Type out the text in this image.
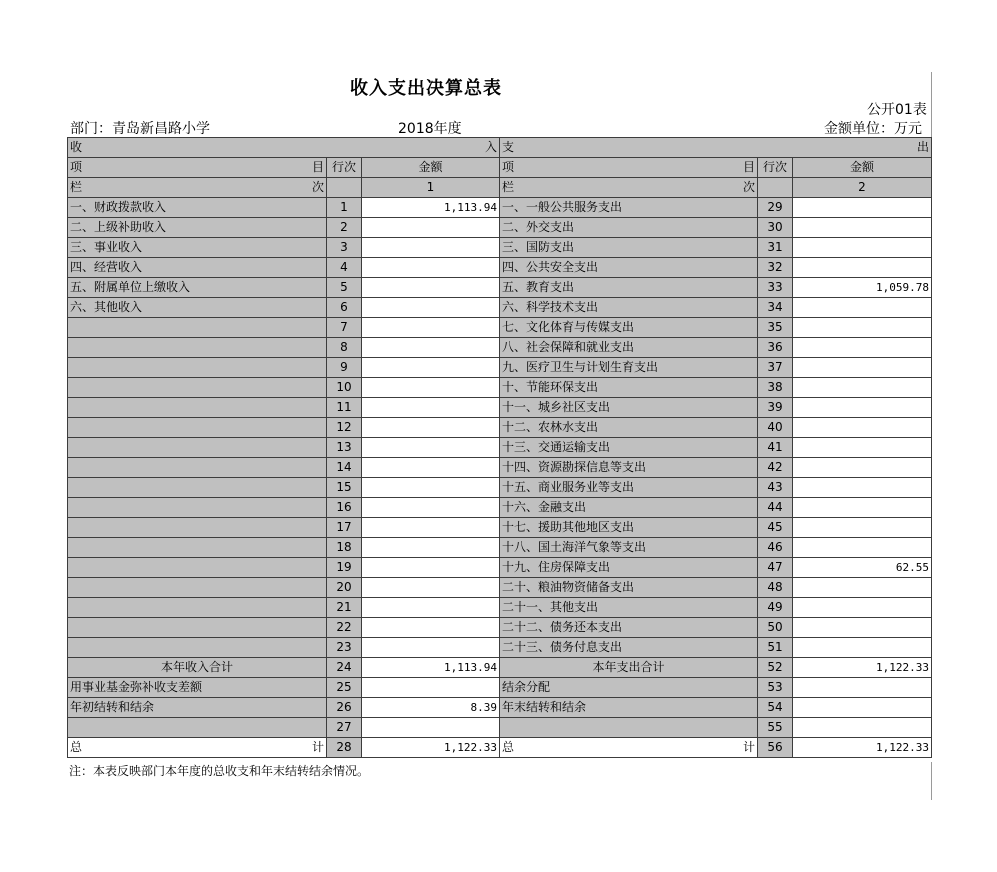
收入支出决算总表
公开01表
部门：青岛新昌路小学	2018年度	金额单位：万元
收 入			支 出		

项 目	行次	金额	项 目	行次	金额

栏 次		1	栏 次		2
一、财政拨款收入	1	1,113.94	一、一般公共服务支出	29	
二、上级补助收入	2		二、外交支出	30	
三、事业收入	3		三、国防支出	31	
四、经营收入	4		四、公共安全支出	32	
五、附属单位上缴收入	5		五、教育支出	33	1,059.78
六、其他收入	6		六、科学技术支出	34	
	7		七、文化体育与传媒支出	35	
	8		八、社会保障和就业支出	36	
	9		九、医疗卫生与计划生育支出	37	
	10		十、节能环保支出	38	
	11		十一、城乡社区支出	39	
	12		十二、农林水支出	40	
	13		十三、交通运输支出	41	
	14		十四、资源勘探信息等支出	42	
	15		十五、商业服务业等支出	43	
	16		十六、金融支出	44	
	17		十七、援助其他地区支出	45	
	18		十八、国土海洋气象等支出	46	
	19		十九、住房保障支出	47	62.55
	20		二十、粮油物资储备支出	48	
	21		二十一、其他支出	49	
	22		二十二、债务还本支出	50	
	23		二十三、债务付息支出	51	
本年收入合计	24	1,113.94	本年支出合计	52	1,122.33
用事业基金弥补收支差额	25		结余分配	53	
年初结转和结余	26	8.39	年末结转和结余	54	
	27			55	

总 计	28	1,122.33	总 计	56	1,122.33
注：本表反映部门本年度的总收支和年末结转结余情况。
